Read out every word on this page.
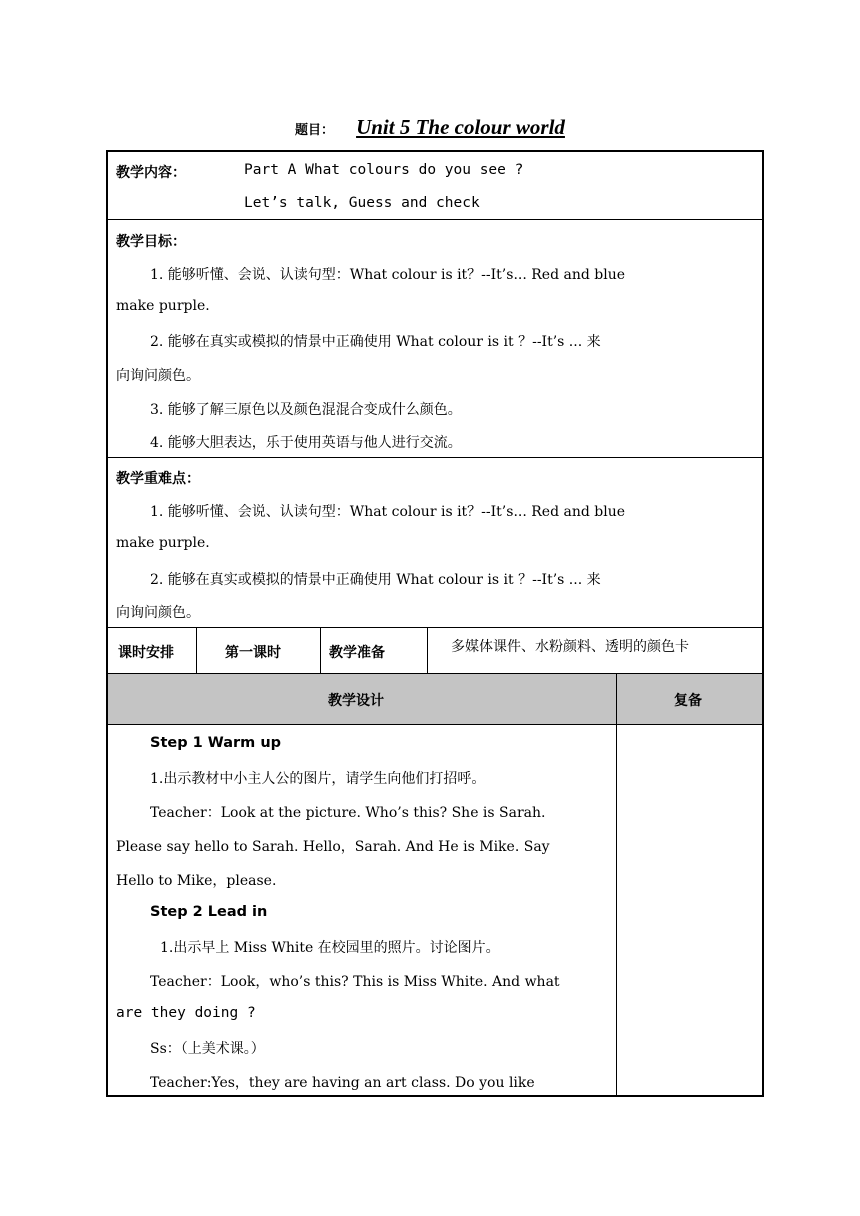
题目： Unit 5 The colour world
教学内容：	Part A What colours do you see ?
Let’s talk, Guess and check
教学目标：
1. 能够听懂、会说、认读句型：What colour is it？--It’s... Red and blue
make purple.
2. 能够在真实或模拟的情景中正确使用 What colour is it ？--It’s ... 来
向询问颜色。
3. 能够了解三原色以及颜色混混合变成什么颜色。
4. 能够大胆表达，乐于使用英语与他人进行交流。
教学重难点：
1. 能够听懂、会说、认读句型：What colour is it？--It’s... Red and blue
make purple.
2. 能够在真实或模拟的情景中正确使用 What colour is it ？--It’s ... 来
向询问颜色。
课时安排	第一课时	教学准备	多媒体课件、水粉颜料、透明的颜色卡
教学设计	复备
Step 1 Warm up
1.出示教材中小主人公的图片，请学生向他们打招呼。
Teacher：Look at the picture. Who’s this? She is Sarah.
Please say hello to Sarah. Hello，Sarah. And He is Mike. Say
Hello to Mike，please.
Step 2 Lead in
1.出示早上 Miss White 在校园里的照片。讨论图片。
Teacher：Look，who’s this? This is Miss White. And what
are they doing ?
Ss：（上美术课。）
Teacher:Yes，they are having an art class. Do you like
